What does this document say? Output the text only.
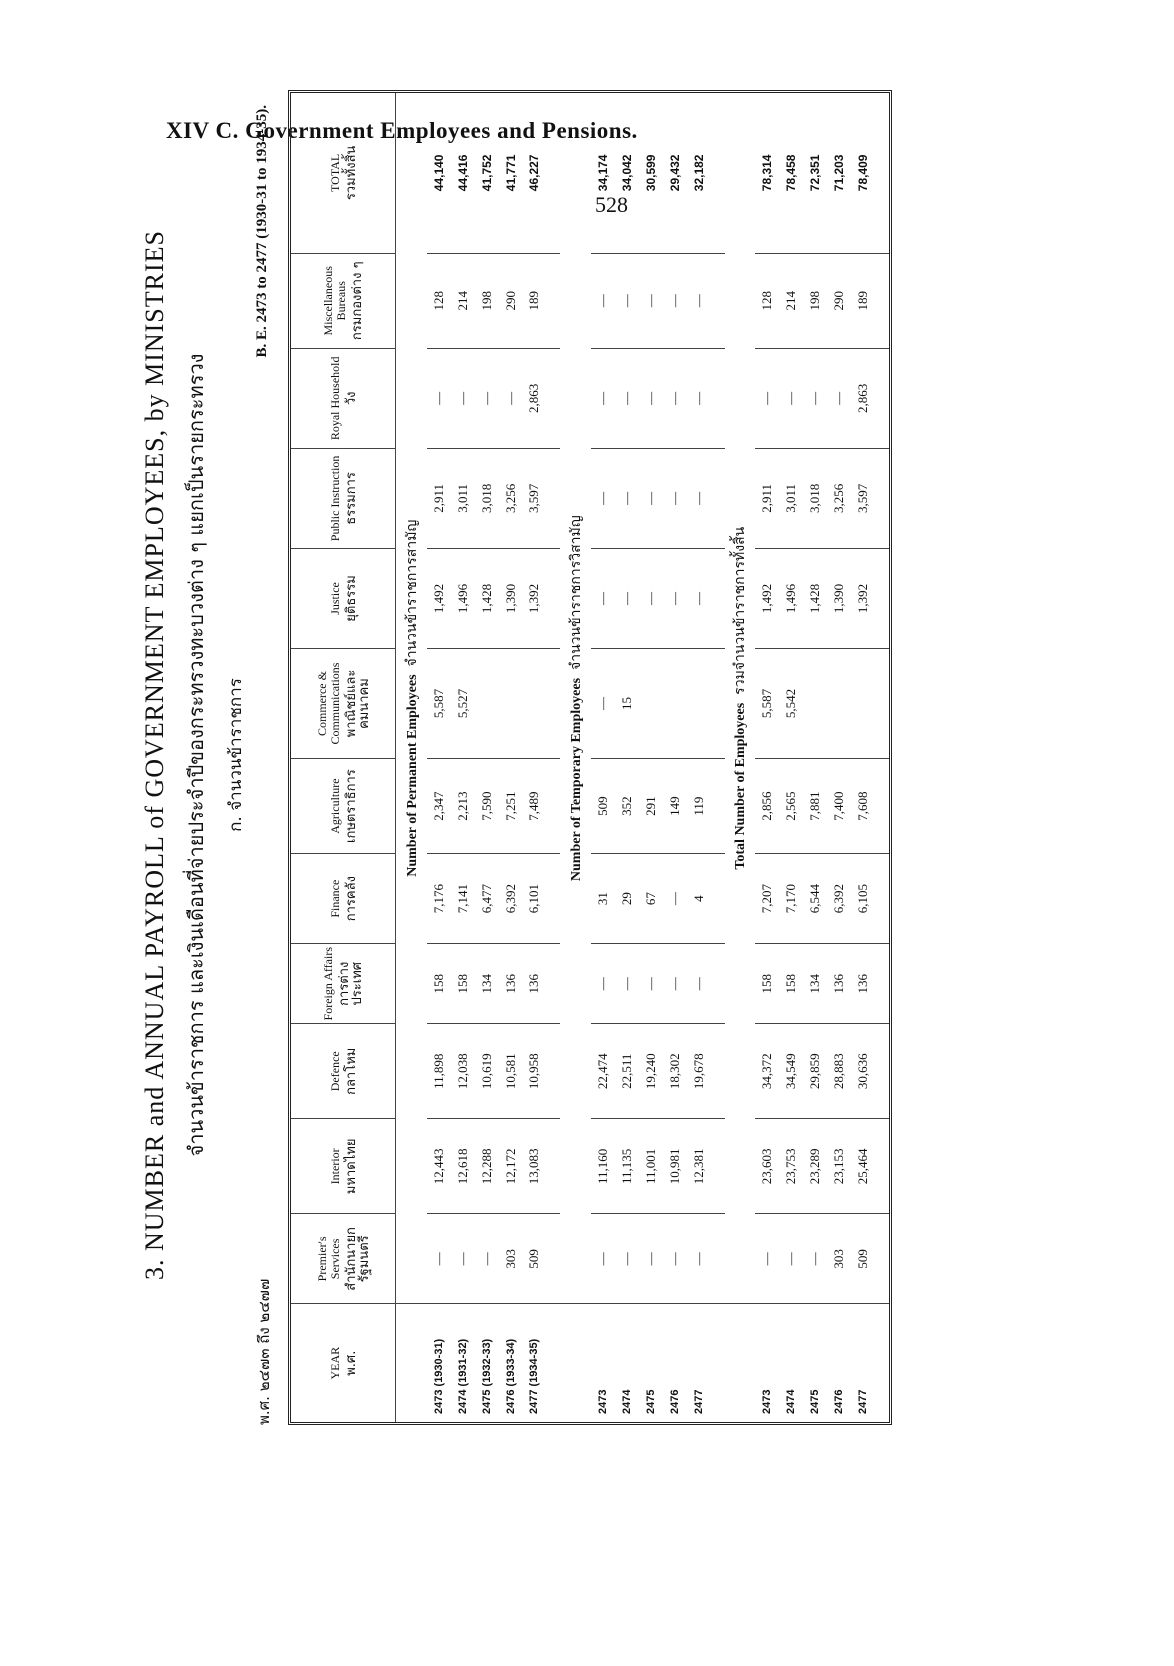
XIV C. Government Employees and Pensions.
528
3. NUMBER and ANNUAL PAYROLL of GOVERNMENT EMPLOYEES, by MINISTRIES จำนวนข้าราชการ และเงินเดือนที่จ่ายประจำปีของกระทรวงทะบวงต่าง ๆ แยกเป็นรายกระทรวง ก. จำนวนข้าราชการ
พ.ศ. ๒๔๗๓ ถึง ๒๔๗๗
B. E. 2473 to 2477 (1930-31 to 1934-35).
YEAR พ.ศ.	Premier's Services สำนักนายกรัฐมนตรี	Interior มหาดไทย	Defence กลาโหม	Foreign Affairs การต่างประเทศ	Finance การคลัง	Agriculture เกษตราธิการ	Commerce & Communications พาณิชย์และคมนาคม	Justice ยุติธรรม	Public Instruction ธรรมการ	Royal Household วัง	Miscellaneous Bureaus กรมกองต่าง ๆ	TOTAL รวมทั้งสิ้น

	Number of Permanent Employeesจำนวนข้าราชการสามัญ											
2473 (1930-31)	—	12,443	11,898	158	7,176	2,347	5,587	1,492	2,911	—	128	44,140
2474 (1931-32)	—	12,618	12,038	158	7,141	2,213	5,527	1,496	3,011	—	214	44,416
2475 (1932-33)	—	12,288	10,619	134	6,477	7,590		1,428	3,018	—	198	41,752
2476 (1933-34)	303	12,172	10,581	136	6,392	7,251		1,390	3,256	—	290	41,771
2477 (1934-35)	509	13,083	10,958	136	6,101	7,489		1,392	3,597	2,863	189	46,227

	Number of Temporary Employeesจำนวนข้าราชการวิสามัญ											
2473	—	11,160	22,474	—	31	509	—	—	—	—	—	34,174
2474	—	11,135	22,511	—	29	352	15	—	—	—	—	34,042
2475	—	11,001	19,240	—	67	291		—	—	—	—	30,599
2476	—	10,981	18,302	—	—	149		—	—	—	—	29,432
2477	—	12,381	19,678	—	4	119		—	—	—	—	32,182

	Total Number of Employeesรวมจำนวนข้าราชการทั้งสิ้น											
2473	—	23,603	34,372	158	7,207	2,856	5,587	1,492	2,911	—	128	78,314
2474	—	23,753	34,549	158	7,170	2,565	5,542	1,496	3,011	—	214	78,458
2475	—	23,289	29,859	134	6,544	7,881		1,428	3,018	—	198	72,351
2476	303	23,153	28,883	136	6,392	7,400		1,390	3,256	—	290	71,203
2477	509	25,464	30,636	136	6,105	7,608		1,392	3,597	2,863	189	78,409
